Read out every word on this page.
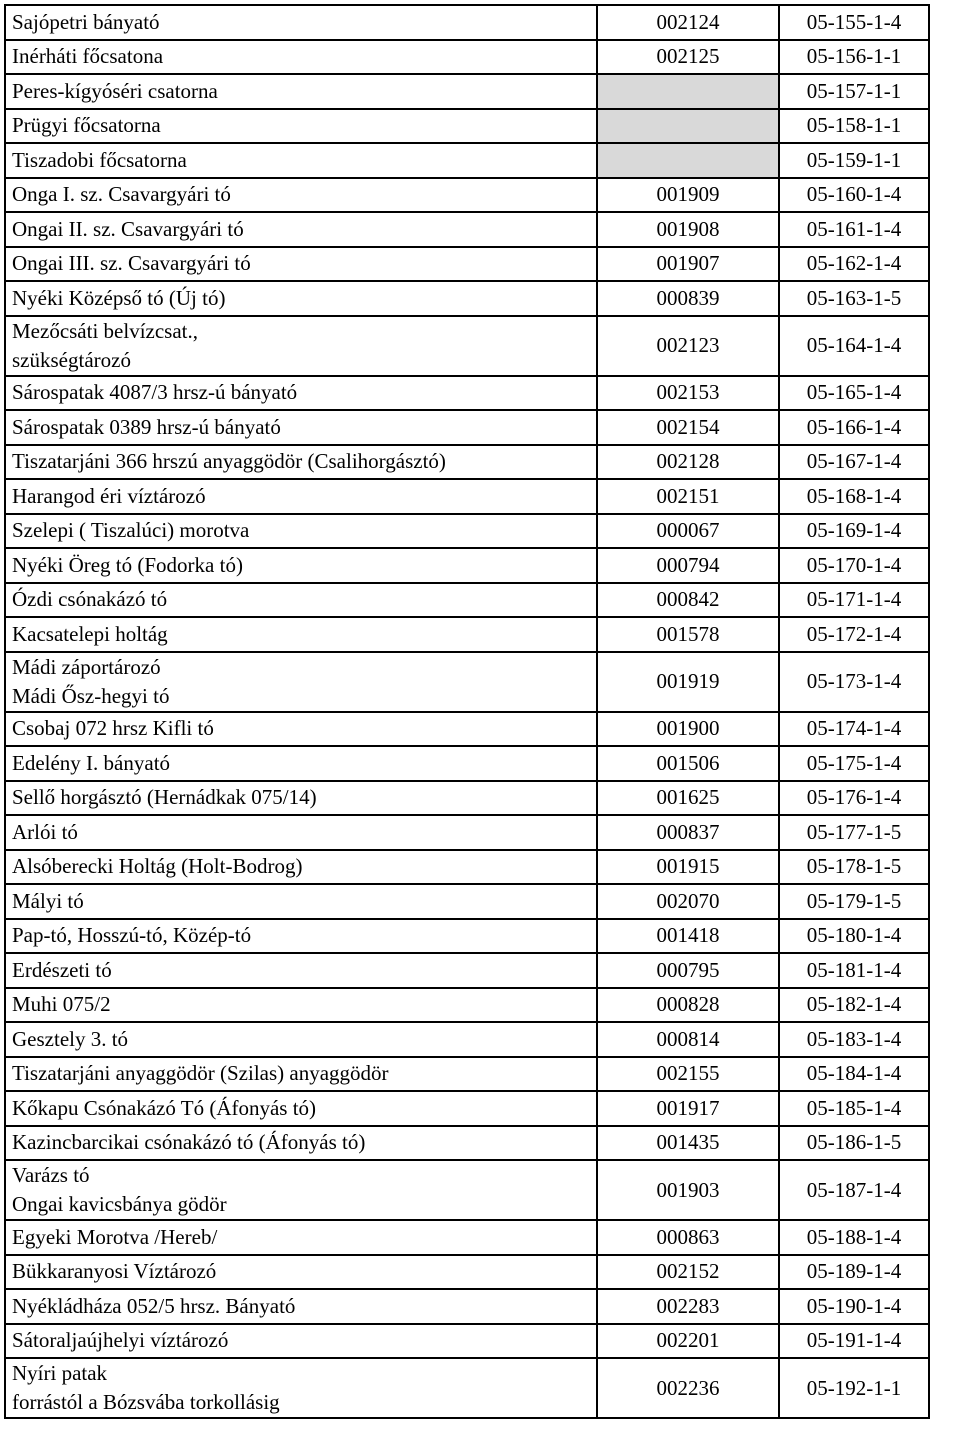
Sajópetri bányató	002124	05-155-1-4

Inérháti főcsatona	002125	05-156-1-1

Peres-kígyóséri csatorna		05-157-1-1

Prügyi főcsatorna		05-158-1-1

Tiszadobi főcsatorna		05-159-1-1

Onga I. sz. Csavargyári tó	001909	05-160-1-4

Ongai II. sz. Csavargyári tó	001908	05-161-1-4

Ongai III. sz. Csavargyári tó	001907	05-162-1-4

Nyéki Középső tó (Új tó)	000839	05-163-1-5

Mezőcsáti belvízcsat.,
szükségtározó	002123	05-164-1-4

Sárospatak 4087/3 hrsz-ú bányató	002153	05-165-1-4

Sárospatak 0389 hrsz-ú bányató	002154	05-166-1-4

Tiszatarjáni 366 hrszú anyaggödör (Csalihorgásztó)	002128	05-167-1-4

Harangod éri víztározó	002151	05-168-1-4

Szelepi ( Tiszalúci) morotva	000067	05-169-1-4

Nyéki Öreg tó (Fodorka tó)	000794	05-170-1-4

Ózdi csónakázó tó	000842	05-171-1-4

Kacsatelepi holtág	001578	05-172-1-4

Mádi záportározó
Mádi Ősz-hegyi tó	001919	05-173-1-4

Csobaj 072 hrsz Kifli tó	001900	05-174-1-4

Edelény I. bányató	001506	05-175-1-4

Sellő horgásztó (Hernádkak 075/14)	001625	05-176-1-4

Arlói tó	000837	05-177-1-5

Alsóberecki Holtág (Holt-Bodrog)	001915	05-178-1-5

Mályi tó	002070	05-179-1-5

Pap-tó, Hosszú-tó, Közép-tó	001418	05-180-1-4

Erdészeti tó	000795	05-181-1-4

Muhi 075/2	000828	05-182-1-4

Gesztely 3. tó	000814	05-183-1-4

Tiszatarjáni anyaggödör (Szilas) anyaggödör	002155	05-184-1-4

Kőkapu Csónakázó Tó (Áfonyás tó)	001917	05-185-1-4

Kazincbarcikai csónakázó tó (Áfonyás tó)	001435	05-186-1-5

Varázs tó
Ongai kavicsbánya gödör	001903	05-187-1-4

Egyeki Morotva /Hereb/	000863	05-188-1-4

Bükkaranyosi Víztározó	002152	05-189-1-4

Nyékládháza 052/5 hrsz. Bányató	002283	05-190-1-4

Sátoraljaújhelyi víztározó	002201	05-191-1-4

Nyíri patak
forrástól a Bózsvába torkollásig	002236	05-192-1-1
